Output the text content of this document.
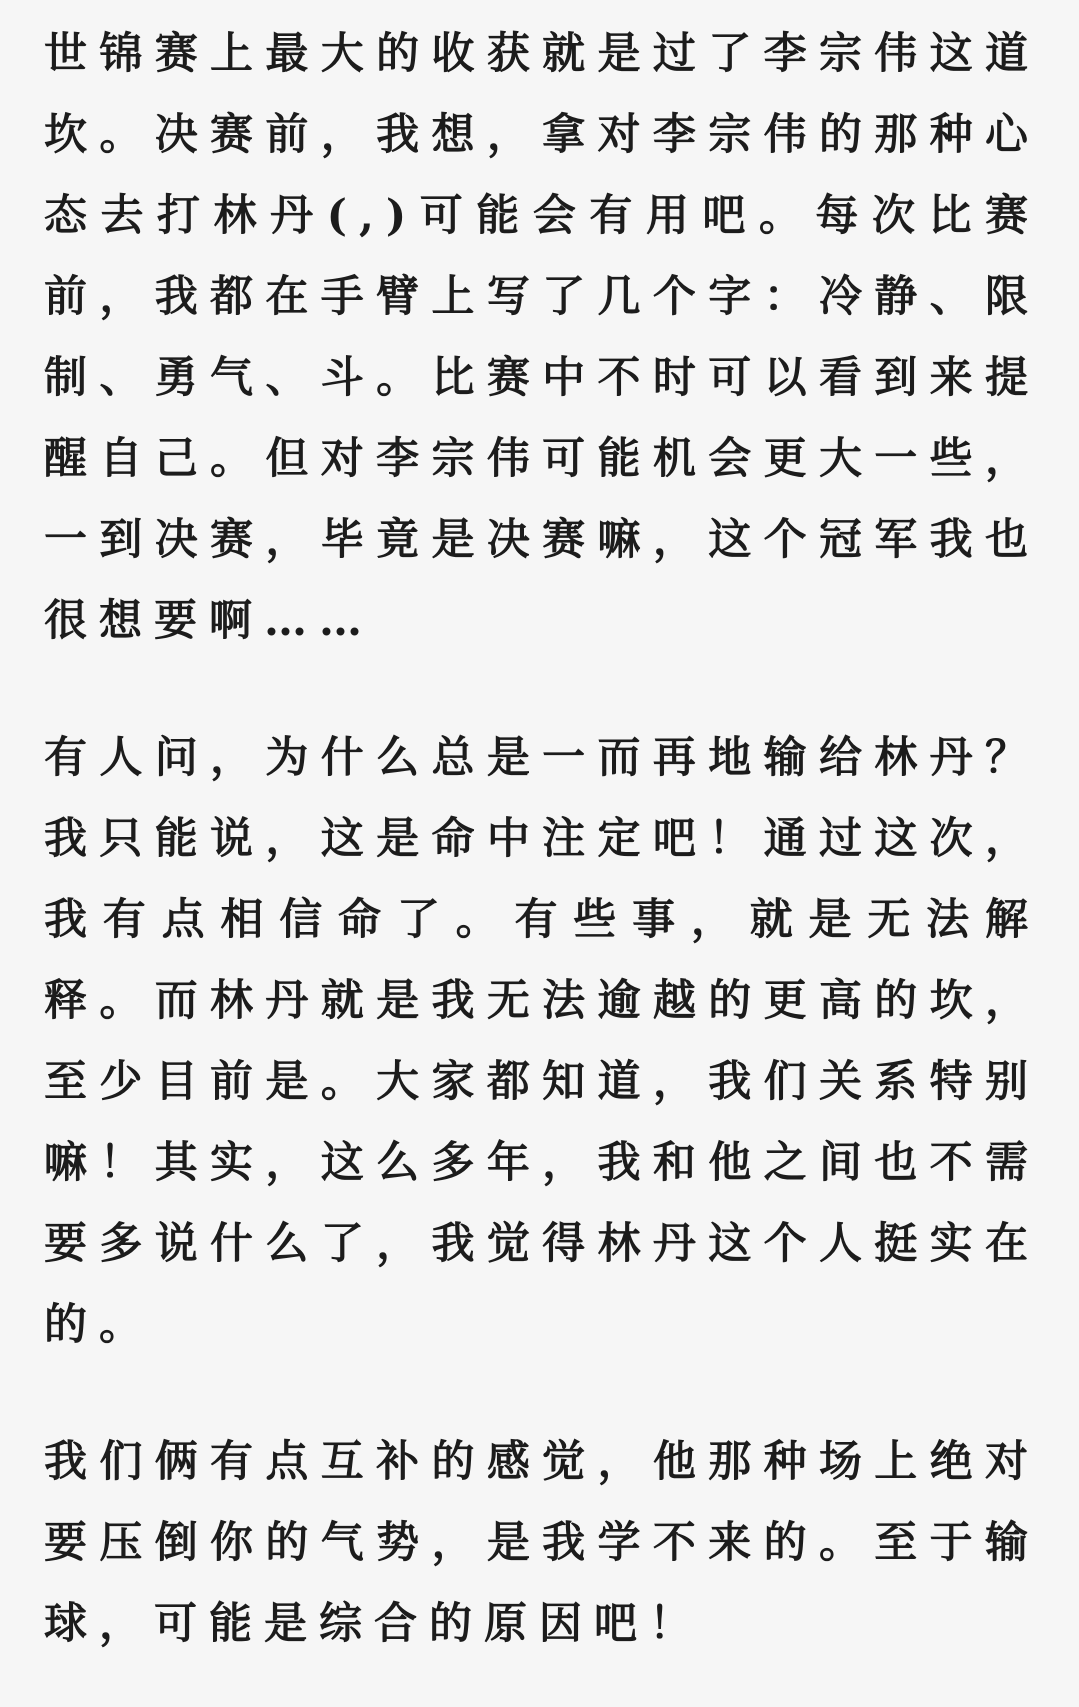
世锦赛上最大的收获就是过了李宗伟这道坎。决赛前，我想，拿对李宗伟的那种心态去打林丹(,)可能会有用吧。每次比赛前，我都在手臂上写了几个字：冷静、限制、勇气、斗。比赛中不时可以看到来提醒自己。但对李宗伟可能机会更大一些，一到决赛，毕竟是决赛嘛，这个冠军我也很想要啊……

有人问，为什么总是一而再地输给林丹？我只能说，这是命中注定吧！通过这次，我有点相信命了。有些事，就是无法解释。而林丹就是我无法逾越的更高的坎，至少目前是。大家都知道，我们关系特别嘛！其实，这么多年，我和他之间也不需要多说什么了，我觉得林丹这个人挺实在的。

我们俩有点互补的感觉，他那种场上绝对要压倒你的气势，是我学不来的。至于输球，可能是综合的原因吧！
